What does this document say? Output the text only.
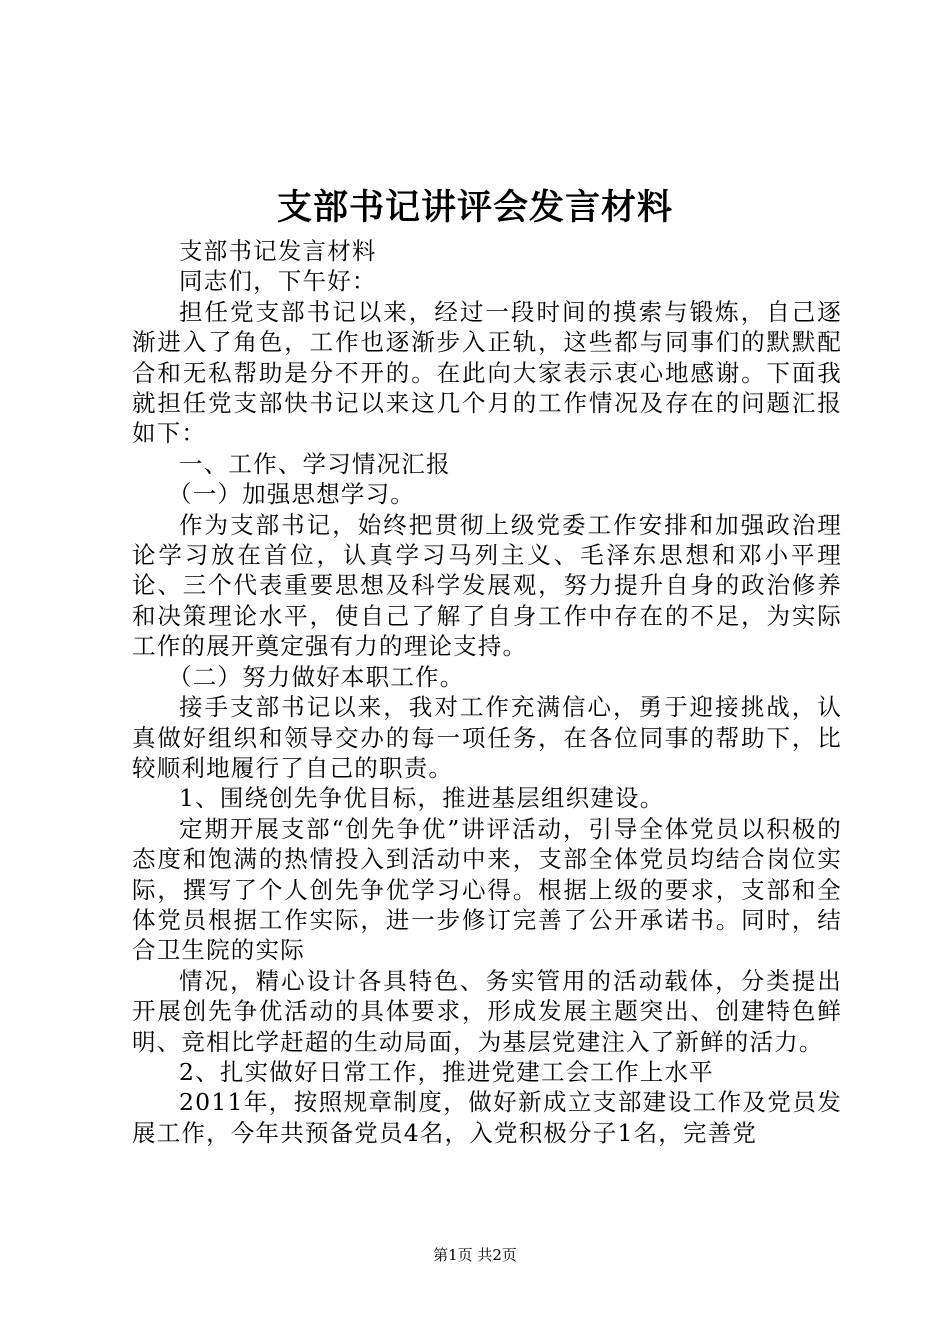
支部书记讲评会发言材料

支部书记发言材料

同志们，下午好：

担任党支部书记以来，经过一段时间的摸索与锻炼，自己逐渐进入了角色，工作也逐渐步入正轨，这些都与同事们的默默配合和无私帮助是分不开的。在此向大家表示衷心地感谢。下面我就担任党支部快书记以来这几个月的工作情况及存在的问题汇报如下：

一、工作、学习情况汇报

（一）加强思想学习。

作为支部书记，始终把贯彻上级党委工作安排和加强政治理论学习放在首位，认真学习马列主义、毛泽东思想和邓小平理论、三个代表重要思想及科学发展观，努力提升自身的政治修养和决策理论水平，使自己了解了自身工作中存在的不足，为实际工作的展开奠定强有力的理论支持。

（二）努力做好本职工作。

接手支部书记以来，我对工作充满信心，勇于迎接挑战，认真做好组织和领导交办的每一项任务，在各位同事的帮助下，比较顺利地履行了自己的职责。

1、围绕创先争优目标，推进基层组织建设。

定期开展支部“创先争优”讲评活动，引导全体党员以积极的态度和饱满的热情投入到活动中来，支部全体党员均结合岗位实际，撰写了个人创先争优学习心得。根据上级的要求，支部和全体党员根据工作实际，进一步修订完善了公开承诺书。同时，结合卫生院的实际

情况，精心设计各具特色、务实管用的活动载体，分类提出开展创先争优活动的具体要求，形成发展主题突出、创建特色鲜明、竞相比学赶超的生动局面，为基层党建注入了新鲜的活力。

2、扎实做好日常工作，推进党建工会工作上水平

2011年，按照规章制度，做好新成立支部建设工作及党员发展工作，今年共预备党员4名，入党积极分子1名，完善党

第1页 共2页
